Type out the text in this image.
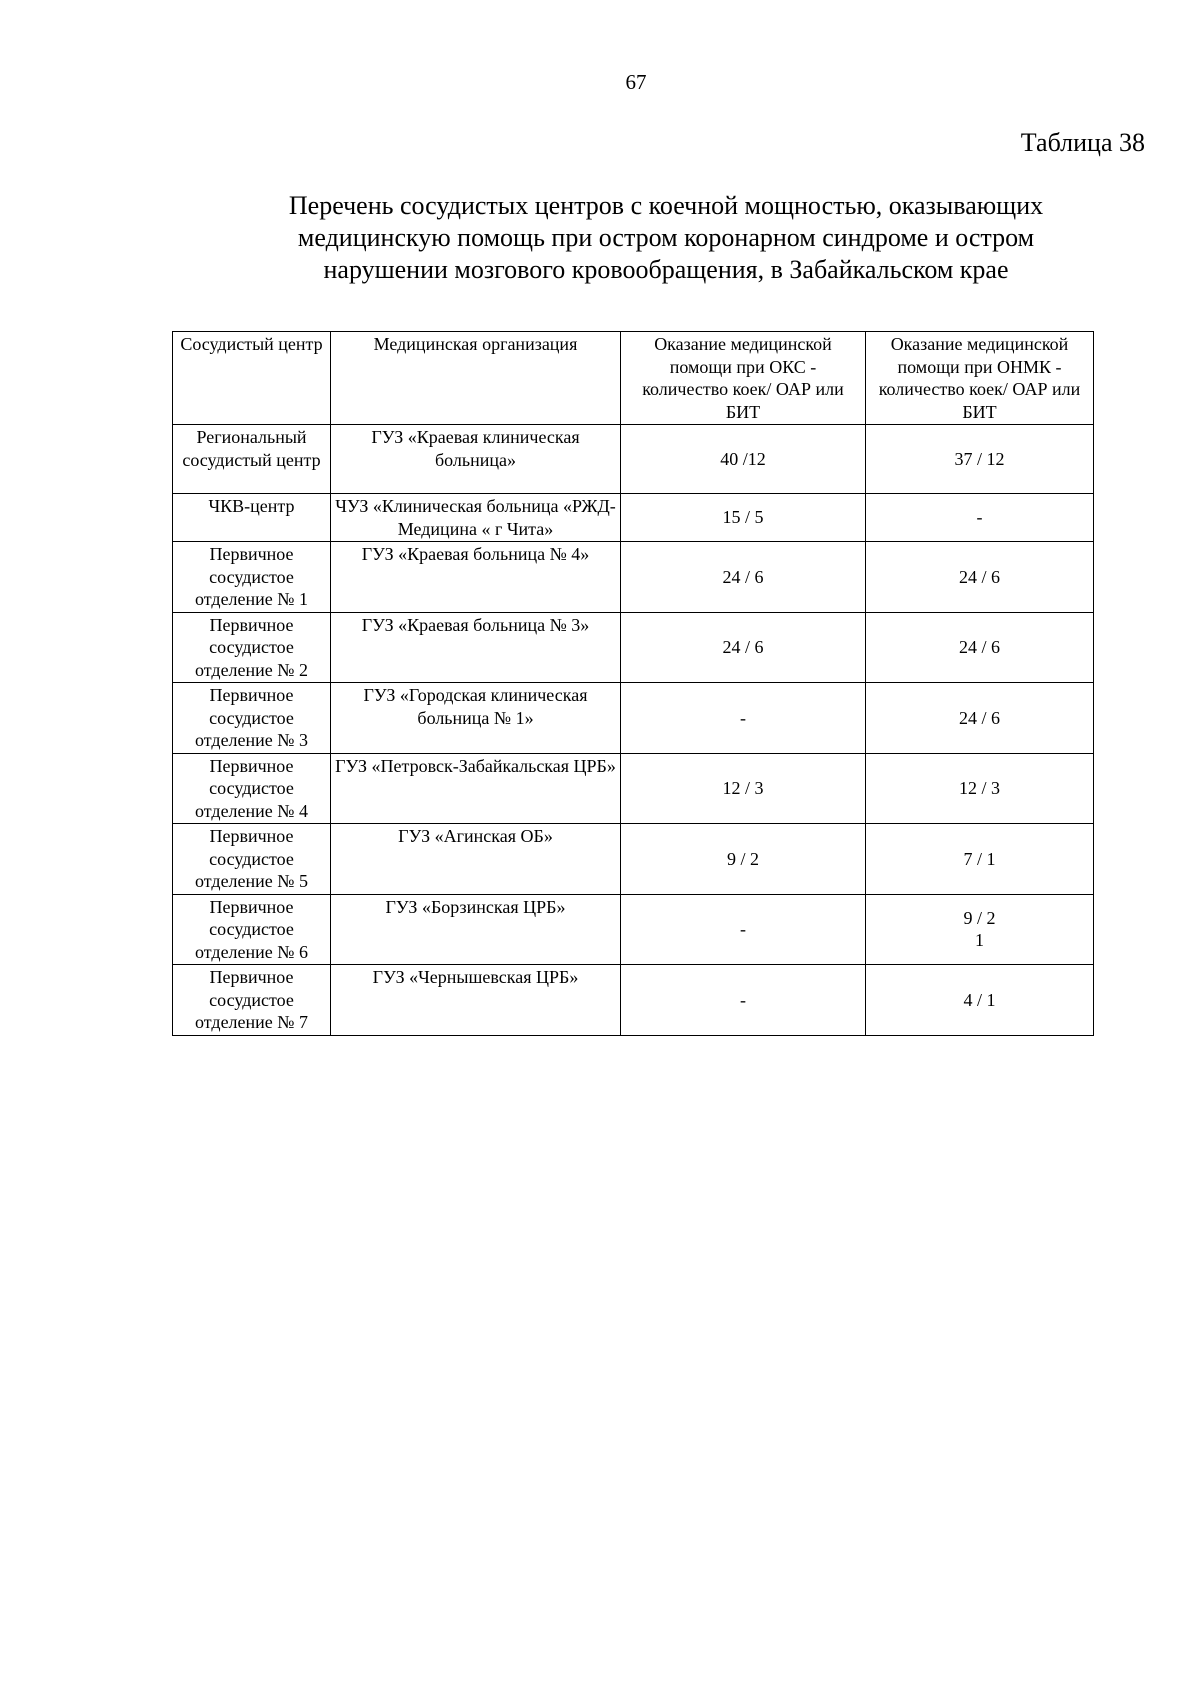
67
Таблица 38
Перечень сосудистых центров с коечной мощностью, оказывающих
медицинскую помощь при остром коронарном синдроме и остром
нарушении мозгового кровообращения, в Забайкальском крае
Сосудистый центр	Медицинская организация	Оказание медицинской помощи при ОКС - количество коек/ ОАР или БИТ	Оказание медицинской помощи при ОНМК - количество коек/ ОАР или БИТ
Региональный сосудистый центр	ГУЗ «Краевая клиническая больница»	40 /12	37 / 12
ЧКВ-центр	ЧУЗ «Клиническая больница «РЖД-Медицина « г Чита»	15 / 5	-
Первичное сосудистое отделение № 1	ГУЗ «Краевая больница № 4»	24 / 6	24 / 6
Первичное сосудистое отделение № 2	ГУЗ «Краевая больница № 3»	24 / 6	24 / 6
Первичное сосудистое отделение № 3	ГУЗ «Городская клиническая больница № 1»	-	24 / 6
Первичное сосудистое отделение № 4	ГУЗ «Петровск-Забайкальская ЦРБ»	12 / 3	12 / 3
Первичное сосудистое отделение № 5	ГУЗ «Агинская ОБ»	9 / 2	7 / 1
Первичное сосудистое отделение № 6	ГУЗ «Борзинская ЦРБ»	-	9 / 2
1
Первичное сосудистое отделение № 7	ГУЗ «Чернышевская ЦРБ»	-	4 / 1
